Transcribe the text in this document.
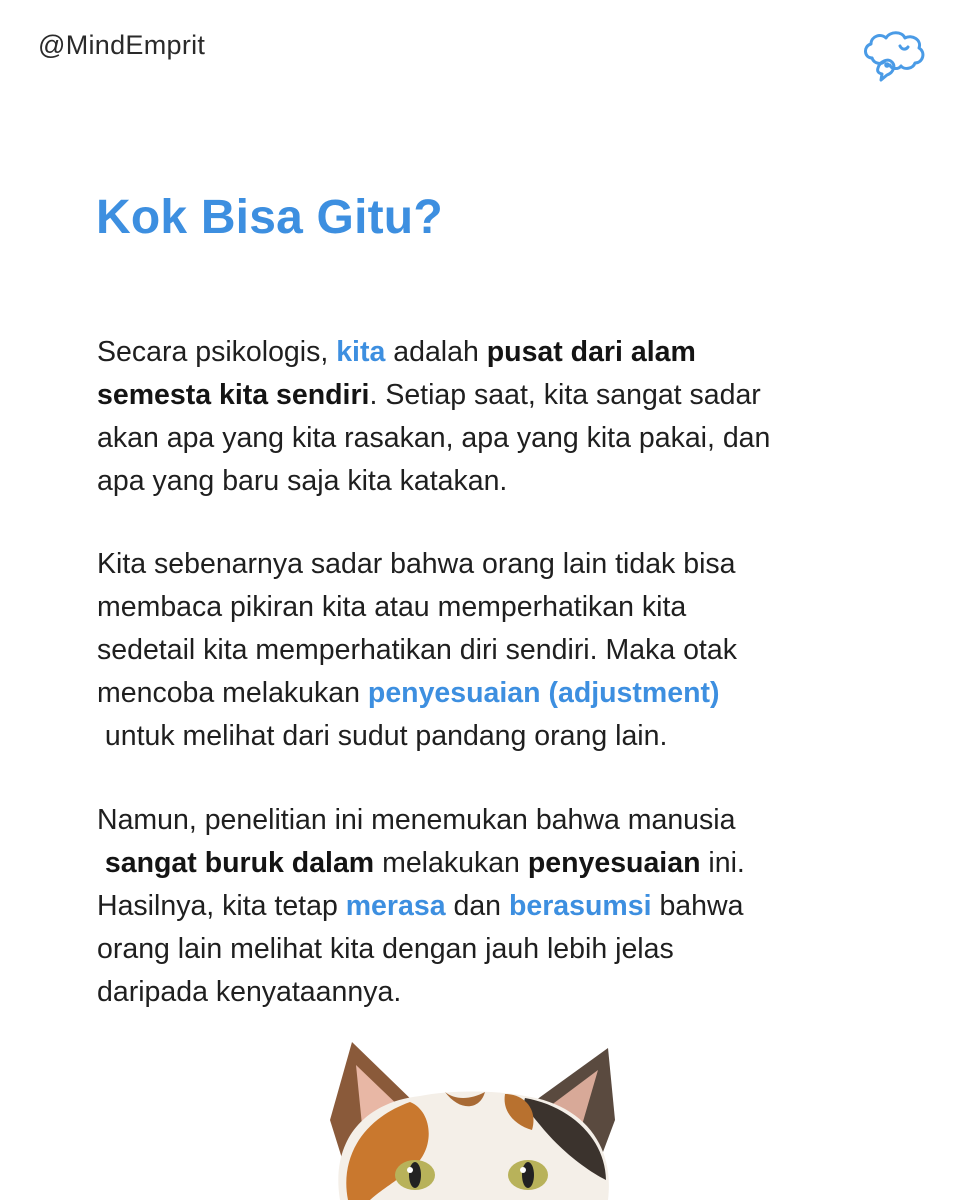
@MindEmprit
Kok Bisa Gitu?
Secara psikologis, kita adalah pusat dari alam
semesta kita sendiri. Setiap saat, kita sangat sadar
akan apa yang kita rasakan, apa yang kita pakai, dan
apa yang baru saja kita katakan.
Kita sebenarnya sadar bahwa orang lain tidak bisa
membaca pikiran kita atau memperhatikan kita
sedetail kita memperhatikan diri sendiri. Maka otak
mencoba melakukan penyesuaian (adjustment)
untuk melihat dari sudut pandang orang lain.
Namun, penelitian ini menemukan bahwa manusia
sangat buruk dalam melakukan penyesuaian ini.
Hasilnya, kita tetap merasa dan berasumsi bahwa
orang lain melihat kita dengan jauh lebih jelas
daripada kenyataannya.
